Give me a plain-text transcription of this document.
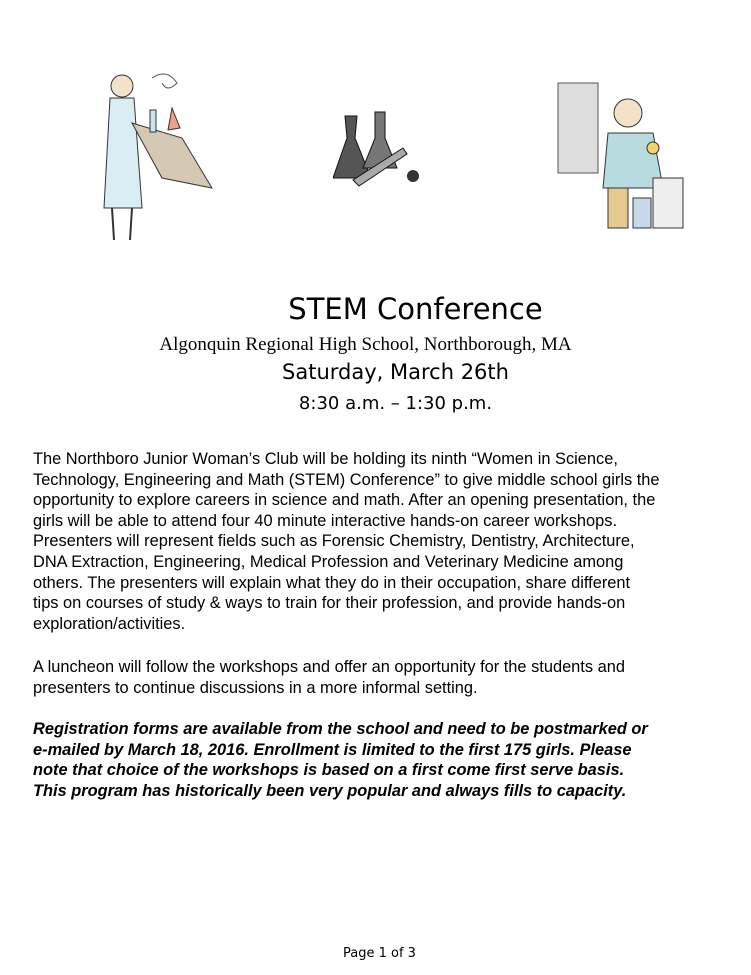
STEM Conference
Algonquin Regional High School, Northborough, MA
Saturday, March 26th
8:30 a.m. – 1:30 p.m.
The Northboro Junior Woman’s Club will be holding its ninth “Women in Science,
Technology, Engineering and Math (STEM) Conference” to give middle school girls the
opportunity to explore careers in science and math. After an opening presentation, the
girls will be able to attend four 40 minute interactive hands-on career workshops.
Presenters will represent fields such as Forensic Chemistry, Dentistry, Architecture,
DNA Extraction, Engineering, Medical Profession and Veterinary Medicine among
others. The presenters will explain what they do in their occupation, share different
tips on courses of study & ways to train for their profession, and provide hands-on
exploration/activities.
A luncheon will follow the workshops and offer an opportunity for the students and
presenters to continue discussions in a more informal setting.
Registration forms are available from the school and need to be postmarked or
e-mailed by March 18, 2016. Enrollment is limited to the first 175 girls. Please
note that choice of the workshops is based on a first come first serve basis.
This program has historically been very popular and always fills to capacity.
Page 1 of 3
